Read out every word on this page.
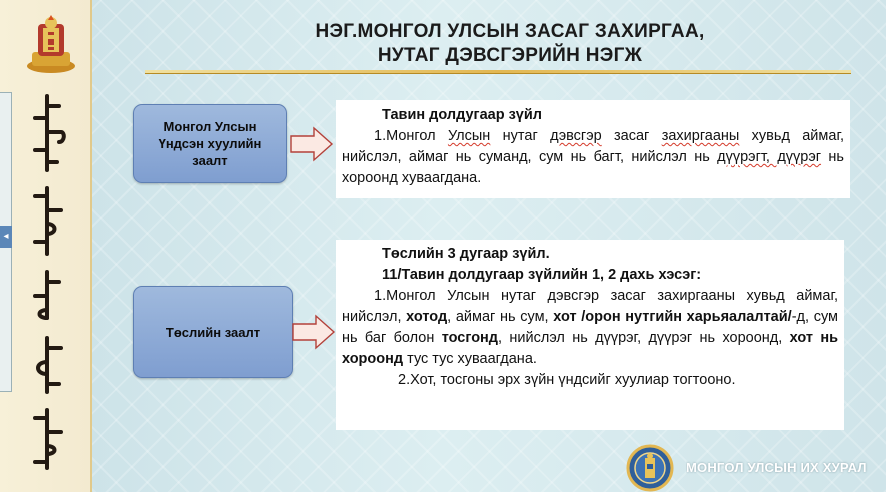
◂
НЭГ.МОНГОЛ УЛСЫН ЗАСАГ ЗАХИРГАА,
НУТАГ ДЭВСГЭРИЙН НЭГЖ
Монгол Улсын
Үндсэн хуулийн
заалт
Тавин долдугаар зүйл
1.Монгол Улсын нутаг дэвсгэр засаг захиргааны хувьд аймаг, нийслэл, аймаг нь суманд, сум нь багт, нийслэл нь дүүрэгт, дүүрэг нь хороонд хуваагдана.
Төслийн заалт
Төслийн 3 дугаар зүйл.
11/Тавин долдугаар зүйлийн 1, 2 дахь хэсэг:
1.Монгол Улсын нутаг дэвсгэр засаг захиргааны хувьд аймаг, нийслэл, хотод, аймаг нь сум, хот /орон нутгийн харьяалалтай/-д, сум нь баг болон тосгонд, нийслэл нь дүүрэг, дүүрэг нь хороонд, хот нь хороонд тус тус хуваагдана.
2.Хот, тосгоны эрх зүйн үндсийг хуулиар тогтооно.
МОНГОЛ УЛСЫН ИХ ХУРАЛ
